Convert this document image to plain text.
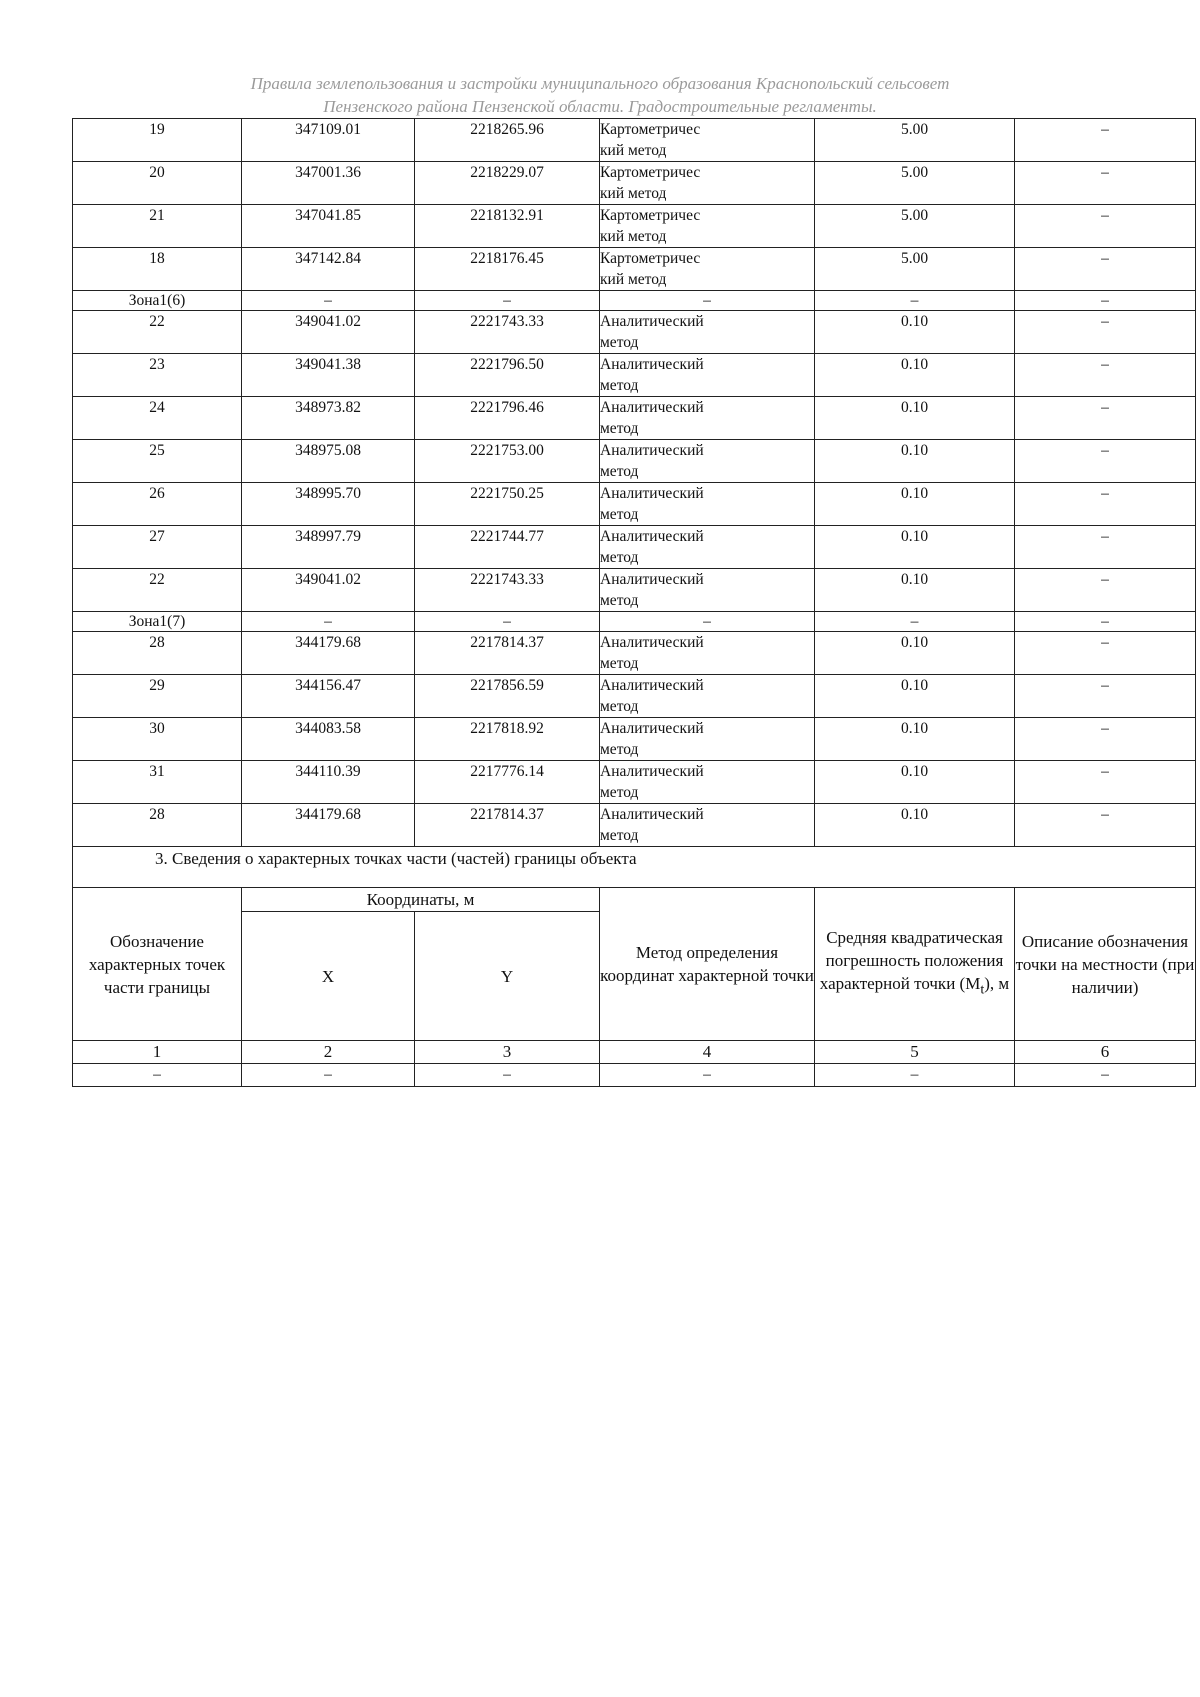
Правила землепользования и застройки муниципального образования Краснопольский сельсовет
Пензенского района Пензенской области. Градостроительные регламенты.
19	347109.01	2218265.96	Картометричес
кий метод	5.00	–
20	347001.36	2218229.07	Картометричес
кий метод	5.00	–
21	347041.85	2218132.91	Картометричес
кий метод	5.00	–
18	347142.84	2218176.45	Картометричес
кий метод	5.00	–
Зона1(6)	–	–	–	–	–
22	349041.02	2221743.33	Аналитический
метод	0.10	–
23	349041.38	2221796.50	Аналитический
метод	0.10	–
24	348973.82	2221796.46	Аналитический
метод	0.10	–
25	348975.08	2221753.00	Аналитический
метод	0.10	–
26	348995.70	2221750.25	Аналитический
метод	0.10	–
27	348997.79	2221744.77	Аналитический
метод	0.10	–
22	349041.02	2221743.33	Аналитический
метод	0.10	–
Зона1(7)	–	–	–	–	–
28	344179.68	2217814.37	Аналитический
метод	0.10	–
29	344156.47	2217856.59	Аналитический
метод	0.10	–
30	344083.58	2217818.92	Аналитический
метод	0.10	–
31	344110.39	2217776.14	Аналитический
метод	0.10	–
28	344179.68	2217814.37	Аналитический
метод	0.10	–
3. Сведения о характерных точках части (частей) границы объекта					
Обозначение характерных точек части границы	Координаты, м		Метод определения координат характерной точки	Средняя квадратическая погрешность положения характерной точки $(M_t)$, м	Описание обозначения точки на местности (при наличии)
	X	Y			
1	2	3	4	5	6
–	–	–	–	–	–
